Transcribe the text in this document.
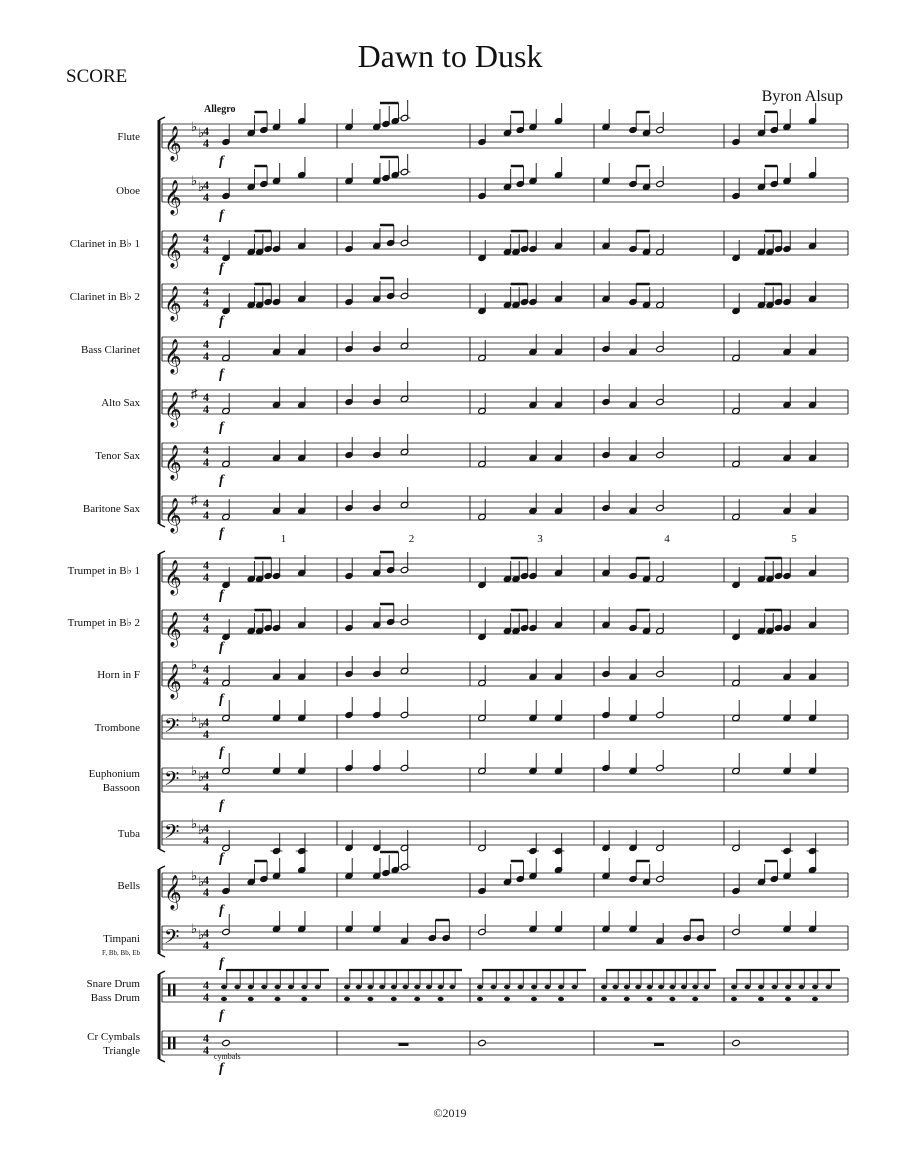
Dawn to Dusk
SCORE
Byron Alsup
Flute 𝄞
♭ ♭
4
4
f
Oboe 𝄞
♭ ♭
4
4
f
Clarinet in B♭ 1 𝄞 4
4
f
Clarinet in B♭ 2 𝄞 4
4
f
Bass Clarinet 𝄞 4
4
f
Alto Sax 𝄞 ♯ 4
4
f
Tenor Sax 𝄞 4
4
f
Baritone Sax 𝄞 ♯ 4
4
f
Trumpet in B♭ 1 𝄞 4
4
f
Trumpet in B♭ 2 𝄞 4
4
f
Horn in F 𝄞
♭ 4
4
f
Trombone 𝄢 ♭ ♭
4
4
f
Euphonium
Bassoon 𝄢 ♭ ♭
4
4
f
Tuba 𝄢 ♭ ♭
4
4
f
Bells 𝄞
♭ ♭
4
4
f
Timpani
F, Bb, Bb, Eb 𝄢 ♭ ♭
4
4
f
Snare Drum
Bass Drum
4
4
f
Cr Cymbals
Triangle
4
4
f
Allegro
1	2	3	4	5
cymbals
©2019
